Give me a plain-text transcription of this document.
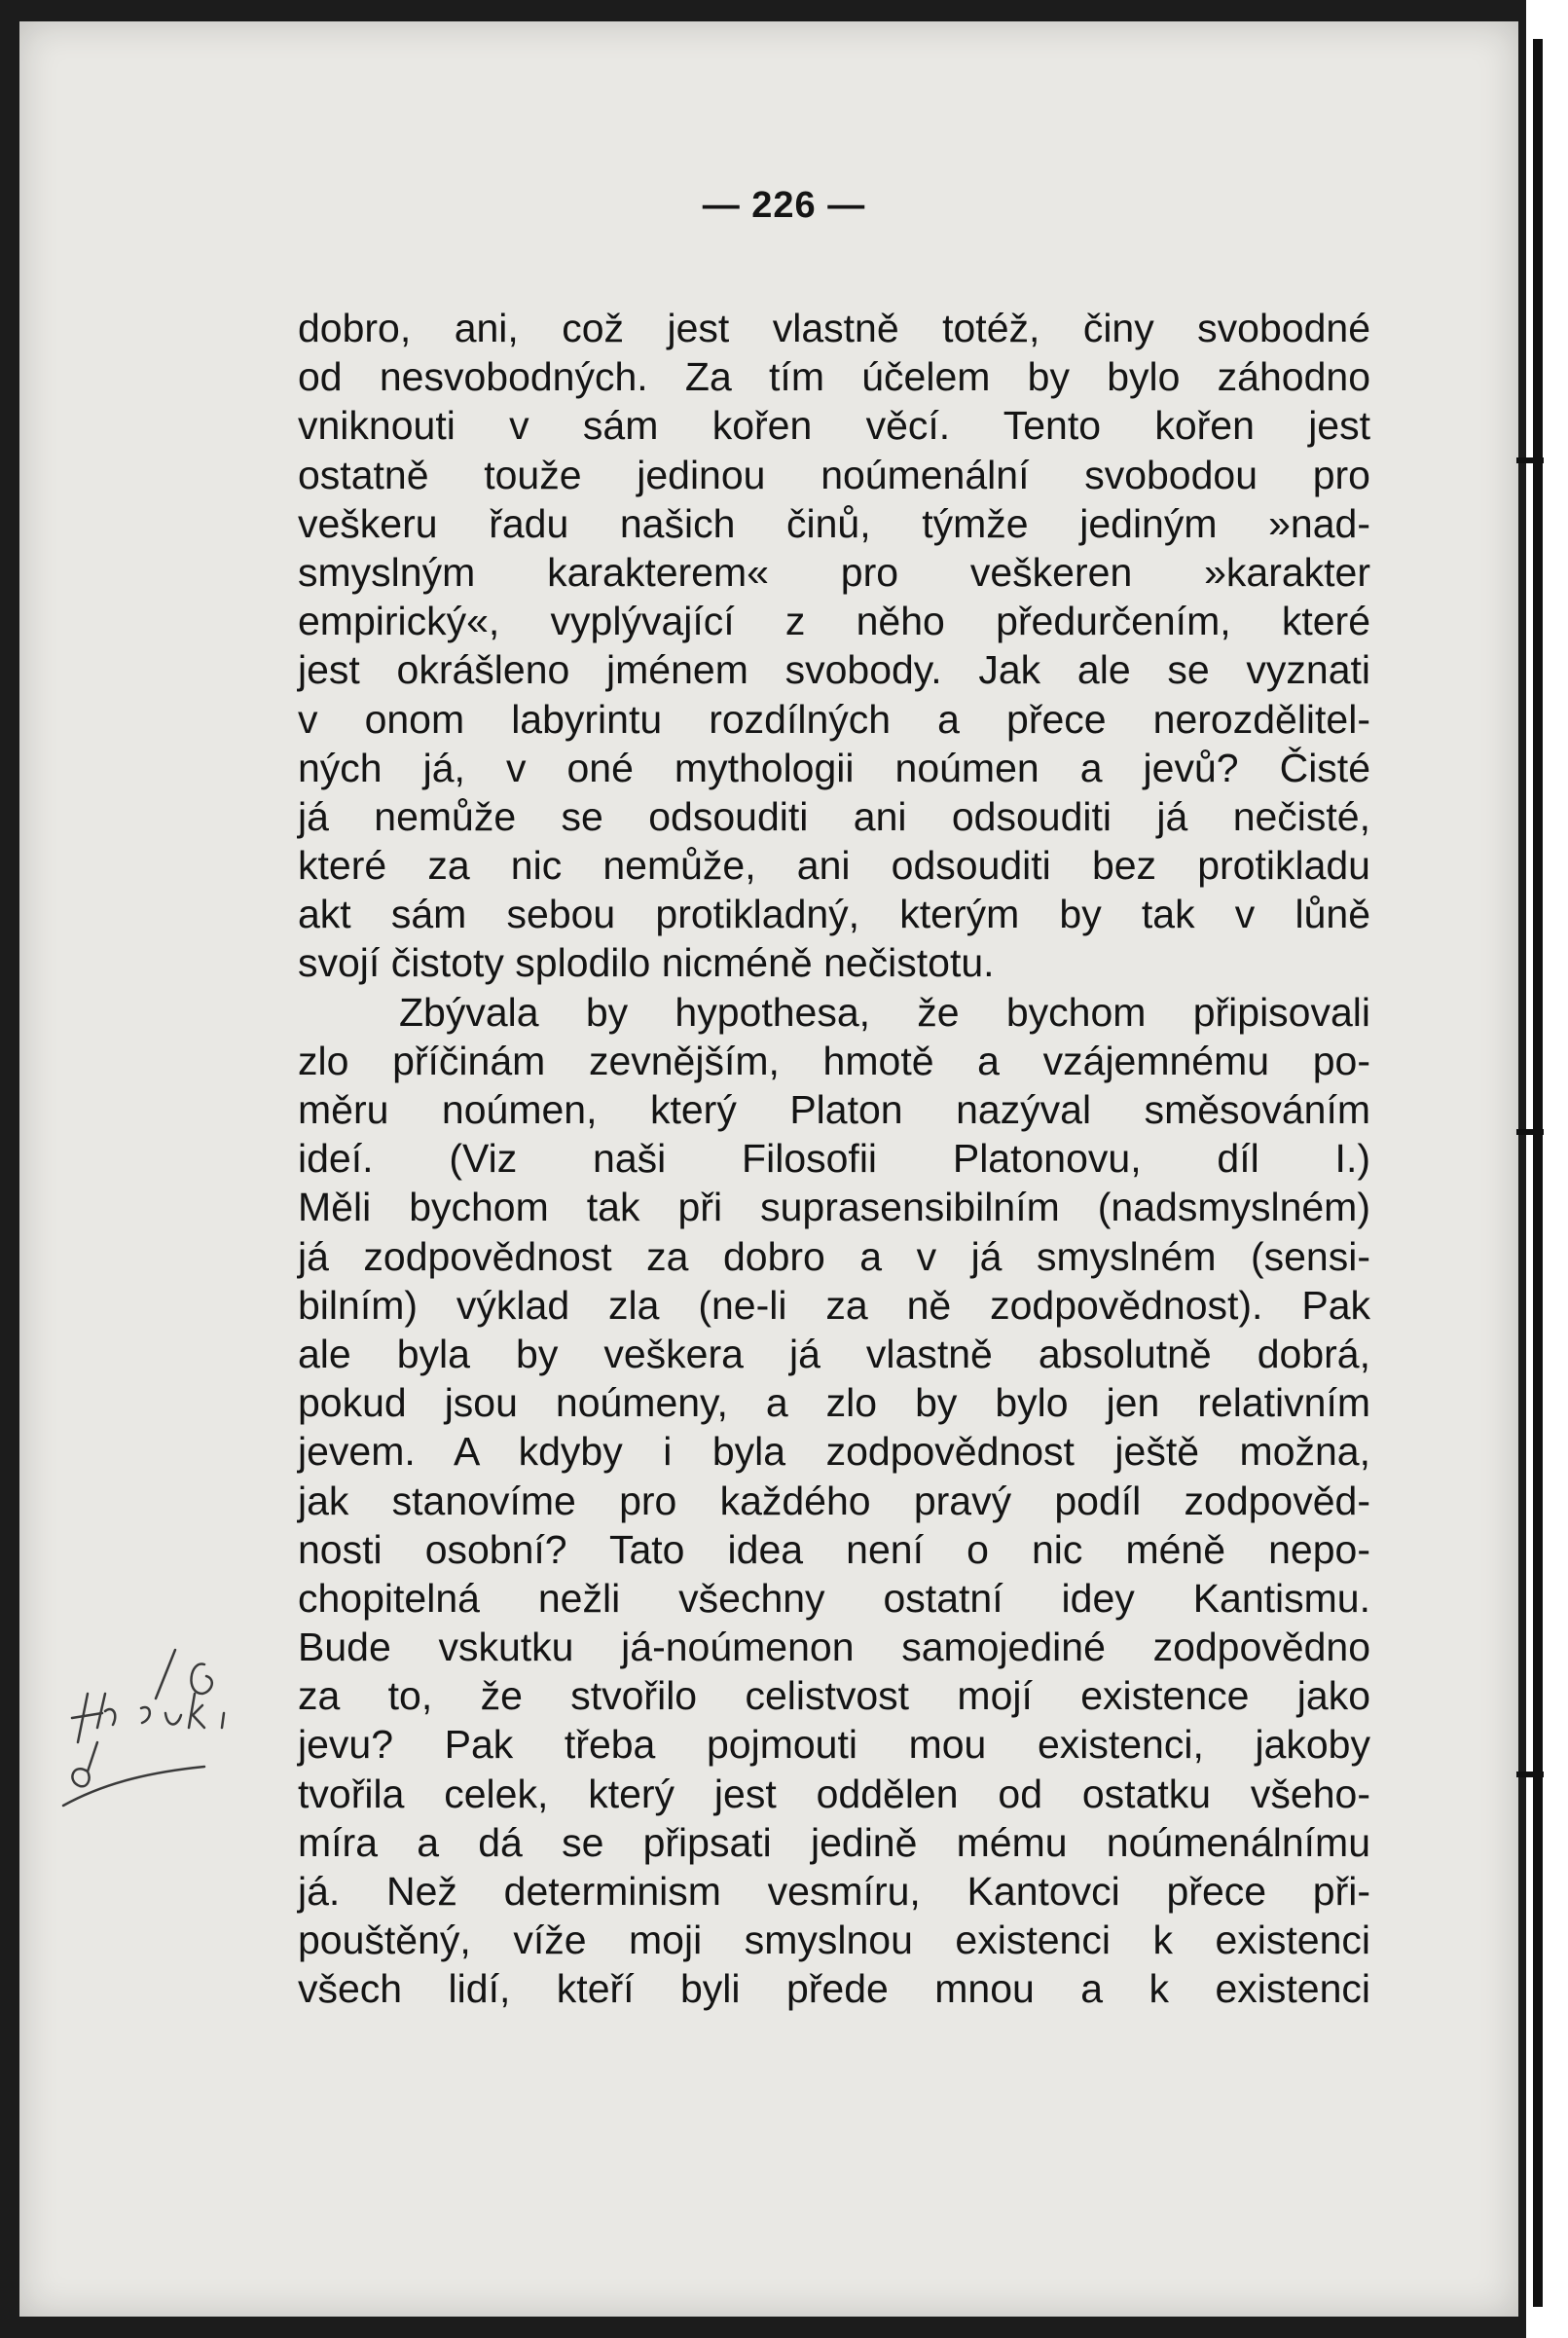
— 226 —
dobro, ani, což jest vlastně totéž, činy svobodné
od nesvobodných. Za tím účelem by bylo záhodno
vniknouti v sám kořen věcí. Tento kořen jest
ostatně touže jedinou noúmenální svobodou pro
veškeru řadu našich činů, týmže jediným »nad-
smyslným karakterem« pro veškeren »karakter
empirický«, vyplývající z něho předurčením, které
jest okrášleno jménem svobody. Jak ale se vyznati
v onom labyrintu rozdílných a přece nerozdělitel-
ných já, v oné mythologii noúmen a jevů? Čisté
já nemůže se odsouditi ani odsouditi já nečisté,
které za nic nemůže, ani odsouditi bez protikladu
akt sám sebou protikladný, kterým by tak v lůně
svojí čistoty splodilo nicméně nečistotu.
Zbývala by hypothesa, že bychom připisovali
zlo příčinám zevnějším, hmotě a vzájemnému po-
měru noúmen, který Platon nazýval směsováním
ideí. (Viz naši Filosofii Platonovu, díl I.)
Měli bychom tak při suprasensibilním (nadsmyslném)
já zodpovědnost za dobro a v já smyslném (sensi-
bilním) výklad zla (ne-li za ně zodpovědnost). Pak
ale byla by veškera já vlastně absolutně dobrá,
pokud jsou noúmeny, a zlo by bylo jen relativním
jevem. A kdyby i byla zodpovědnost ještě možna,
jak stanovíme pro každého pravý podíl zodpověd-
nosti osobní? Tato idea není o nic méně nepo-
chopitelná nežli všechny ostatní idey Kantismu.
Bude vskutku já-noúmenon samojediné zodpovědno
za to, že stvořilo celistvost mojí existence jako
jevu? Pak třeba pojmouti mou existenci, jakoby
tvořila celek, který jest oddělen od ostatku všeho-
míra a dá se připsati jedině mému noúmenálnímu
já. Než determinism vesmíru, Kantovci přece při-
pouštěný, víže moji smyslnou existenci k existenci
všech lidí, kteří byli přede mnou a k existenci
